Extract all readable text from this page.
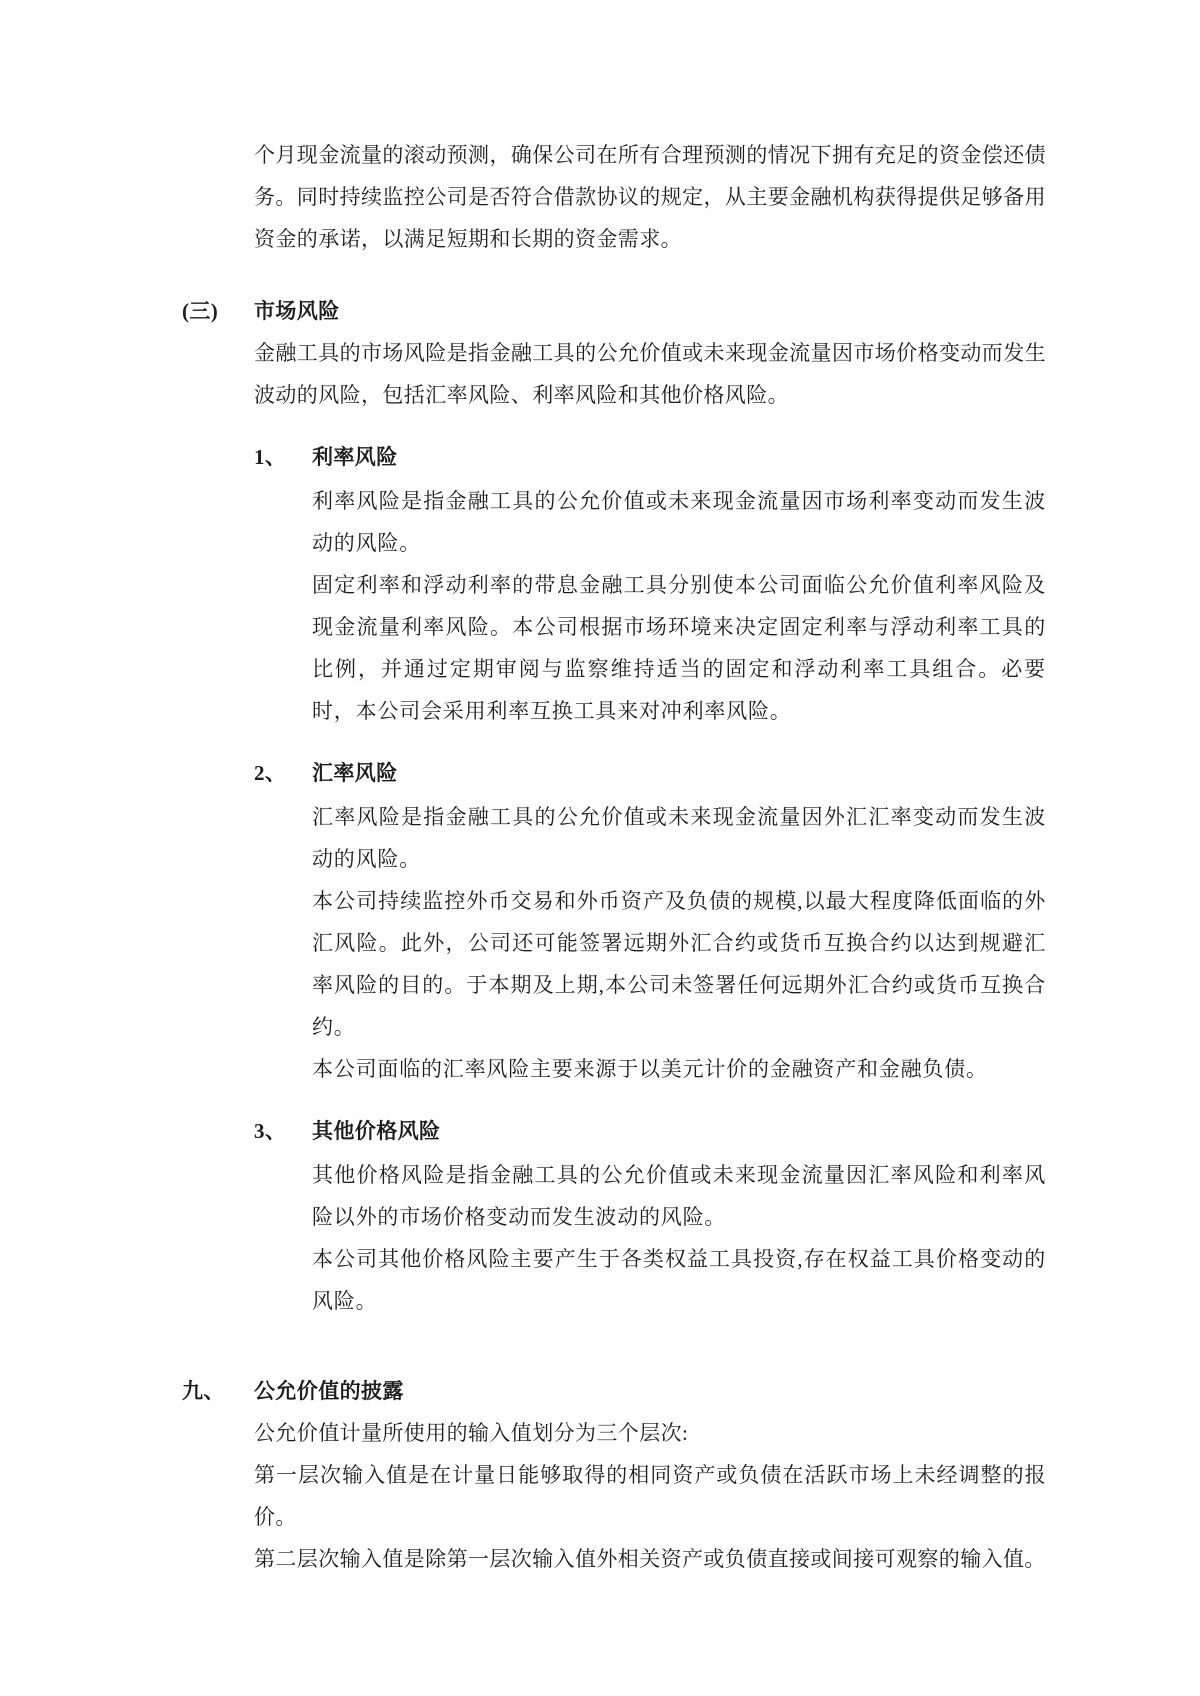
个月现金流量的滚动预测，确保公司在所有合理预测的情况下拥有充足的资金偿还债务。同时持续监控公司是否符合借款协议的规定，从主要金融机构获得提供足够备用资金的承诺，以满足短期和长期的资金需求。

(三) 市场风险

金融工具的市场风险是指金融工具的公允价值或未来现金流量因市场价格变动而发生波动的风险，包括汇率风险、利率风险和其他价格风险。

1、 利率风险

利率风险是指金融工具的公允价值或未来现金流量因市场利率变动而发生波动的风险。

固定利率和浮动利率的带息金融工具分别使本公司面临公允价值利率风险及现金流量利率风险。本公司根据市场环境来决定固定利率与浮动利率工具的比例，并通过定期审阅与监察维持适当的固定和浮动利率工具组合。必要时，本公司会采用利率互换工具来对冲利率风险。

2、 汇率风险

汇率风险是指金融工具的公允价值或未来现金流量因外汇汇率变动而发生波动的风险。

本公司持续监控外币交易和外币资产及负债的规模,以最大程度降低面临的外汇风险。此外，公司还可能签署远期外汇合约或货币互换合约以达到规避汇率风险的目的。于本期及上期,本公司未签署任何远期外汇合约或货币互换合约。

本公司面临的汇率风险主要来源于以美元计价的金融资产和金融负债。

3、 其他价格风险

其他价格风险是指金融工具的公允价值或未来现金流量因汇率风险和利率风险以外的市场价格变动而发生波动的风险。

本公司其他价格风险主要产生于各类权益工具投资,存在权益工具价格变动的风险。

九、 公允价值的披露

公允价值计量所使用的输入值划分为三个层次:

第一层次输入值是在计量日能够取得的相同资产或负债在活跃市场上未经调整的报价。

第二层次输入值是除第一层次输入值外相关资产或负债直接或间接可观察的输入值。
